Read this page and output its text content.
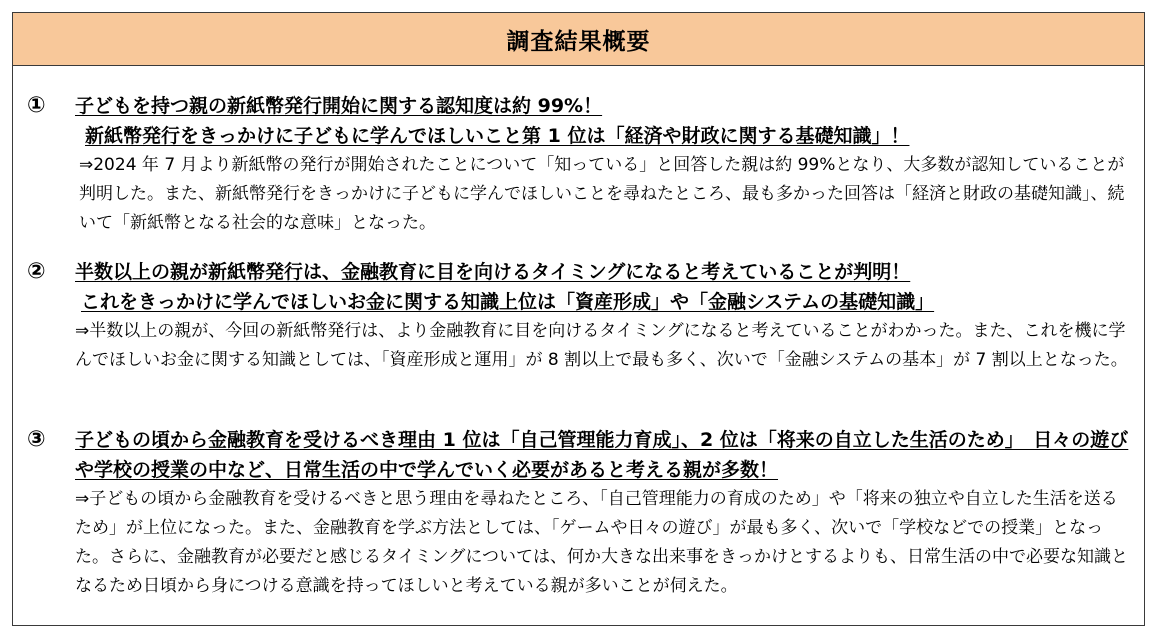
調査結果概要
① 子どもを持つ親の新紙幣発行開始に関する認知度は約 99%！
新紙幣発行をきっかけに子どもに学んでほしいこと第 1 位は「経済や財政に関する基礎知識」！
⇒2024 年 7 月より新紙幣の発行が開始されたことについて「知っている」と回答した親は約 99%となり、大多数が認知していることが判明した。また、新紙幣発行をきっかけに子どもに学んでほしいことを尋ねたところ、最も多かった回答は「経済と財政の基礎知識」、続いて「新紙幣となる社会的な意味」となった。
② 半数以上の親が新紙幣発行は、金融教育に目を向けるタイミングになると考えていることが判明！
これをきっかけに学んでほしいお金に関する知識上位は「資産形成」や「金融システムの基礎知識」
⇒半数以上の親が、今回の新紙幣発行は、より金融教育に目を向けるタイミングになると考えていることがわかった。また、これを機に学んでほしいお金に関する知識としては、「資産形成と運用」が 8 割以上で最も多く、次いで「金融システムの基本」が 7 割以上となった。
③ 子どもの頃から金融教育を受けるべき理由 1 位は「自己管理能力育成」、2 位は「将来の自立した生活のため」　日々の遊びや学校の授業の中など、日常生活の中で学んでいく必要があると考える親が多数！
⇒子どもの頃から金融教育を受けるべきと思う理由を尋ねたところ、「自己管理能力の育成のため」や「将来の独立や自立した生活を送るため」が上位になった。また、金融教育を学ぶ方法としては、「ゲームや日々の遊び」が最も多く、次いで「学校などでの授業」となった。さらに、金融教育が必要だと感じるタイミングについては、何か大きな出来事をきっかけとするよりも、日常生活の中で必要な知識となるため日頃から身につける意識を持ってほしいと考えている親が多いことが伺えた。
